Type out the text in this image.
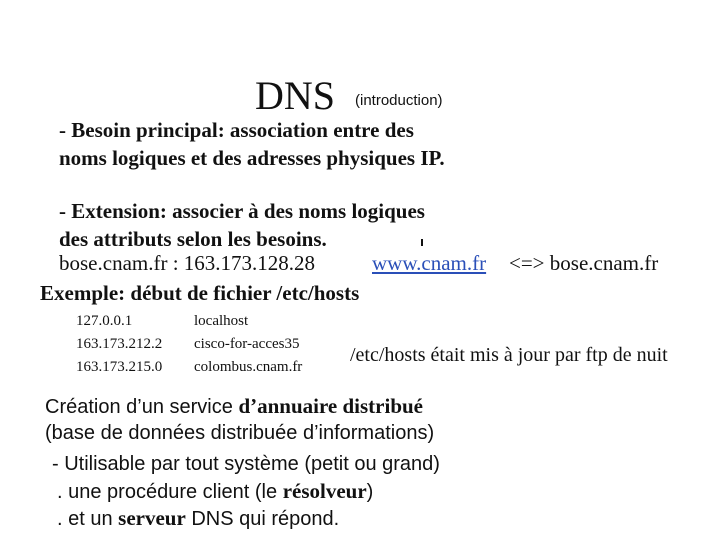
DNS (introduction)
- Besoin principal: association entre des
noms logiques et des adresses physiques IP.
- Extension: associer à des noms logiques
des attributs selon les besoins.
bose.cnam.fr : 163.173.128.28	www.cnam.fr <=> bose.cnam.fr
Exemple: début de fichier /etc/hosts
127.0.0.1	localhost
163.173.212.2 cisco-for-acces35
163.173.215.0 colombus.cnam.fr
/etc/hosts était mis à jour par ftp de nuit
Création d’un service d’annuaire distribué
(base de données distribuée d’informations)
- Utilisable par tout système (petit ou grand)
. une procédure client (le résolveur)
. et un serveur DNS qui répond.
